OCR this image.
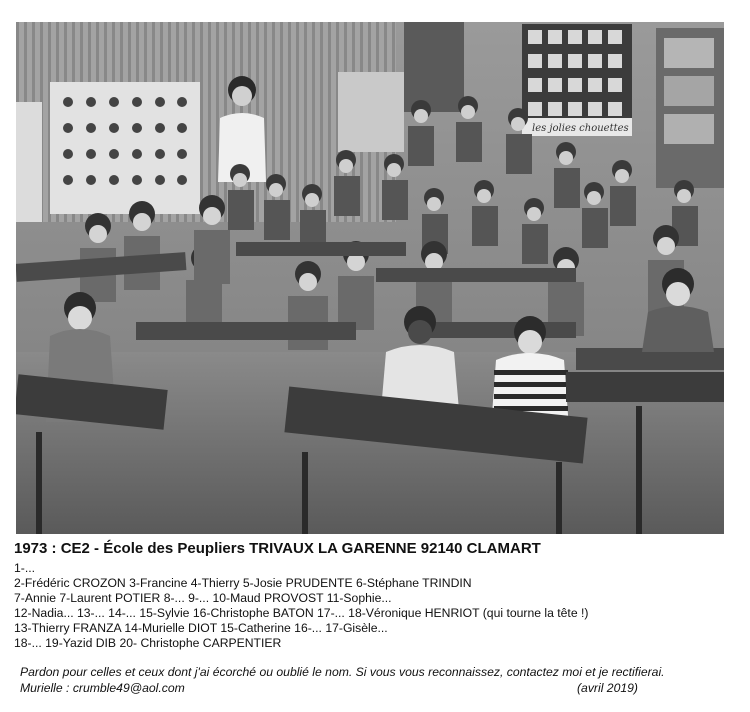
les jolies chouettes

1973 : CE2 - École des Peupliers TRIVAUX LA GARENNE 92140 CLAMART

1-...

2-Frédéric CROZON 3-Francine 4-Thierry 5-Josie PRUDENTE 6-Stéphane TRINDIN

7-Annie 7-Laurent POTIER 8-... 9-... 10-Maud PROVOST 11-Sophie...

12-Nadia... 13-... 14-... 15-Sylvie 16-Christophe BATON 17-... 18-Véronique HENRIOT (qui tourne la tête !)

13-Thierry FRANZA 14-Murielle DIOT 15-Catherine 16-... 17-Gisèle...

18-... 19-Yazid DIB 20- Christophe CARPENTIER

Pardon pour celles et ceux dont j'ai écorché ou oublié le nom. Si vous vous reconnaissez, contactez moi et je rectifierai.
Murielle : crumble49@aol.com	(avril 2019)
